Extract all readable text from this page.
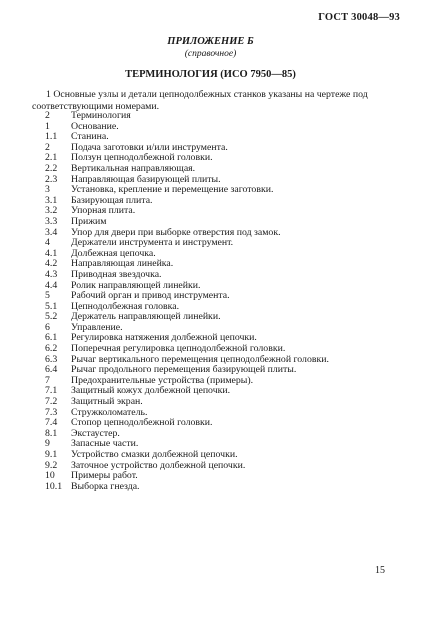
ГОСТ 30048—93
ПРИЛОЖЕНИЕ Б
(справочное)
ТЕРМИНОЛОГИЯ (ИСО 7950—85)

1 Основные узлы и детали цепнодолбежных станков указаны на чертеже под соответствующими номерами.

2	Терминология
1	Основание.
1.1	Станина.
2	Подача заготовки и/или инструмента.
2.1	Ползун цепнодолбежной головки.
2.2	Вертикальная направляющая.
2.3	Направляющая базирующей плиты.
3	Установка, крепление и перемещение заготовки.
3.1	Базирующая плита.
3.2	Упорная плита.
3.3	Прижим
3.4	Упор для двери при выборке отверстия под замок.
4	Держатели инструмента и инструмент.
4.1	Долбежная цепочка.
4.2	Направляющая линейка.
4.3	Приводная звездочка.
4.4	Ролик направляющей линейки.
5	Рабочий орган и привод инструмента.
5.1	Цепнодолбежная головка.
5.2	Держатель направляющей линейки.
6	Управление.
6.1	Регулировка натяжения долбежной цепочки.
6.2	Поперечная регулировка цепнодолбежной головки.
6.3	Рычаг вертикального перемещения цепнодолбежной головки.
6.4	Рычаг продольного перемещения базирующей плиты.
7	Предохранительные устройства (примеры).
7.1	Защитный кожух долбежной цепочки.
7.2	Защитный экран.
7.3	Стружколоматель.
7.4	Стопор цепнодолбежной головки.
8.1	Экстаустер.
9	Запасные части.
9.1	Устройство смазки долбежной цепочки.
9.2	Заточное устройство долбежной цепочки.
10	Примеры работ.
10.1 Выборка гнезда.
15
